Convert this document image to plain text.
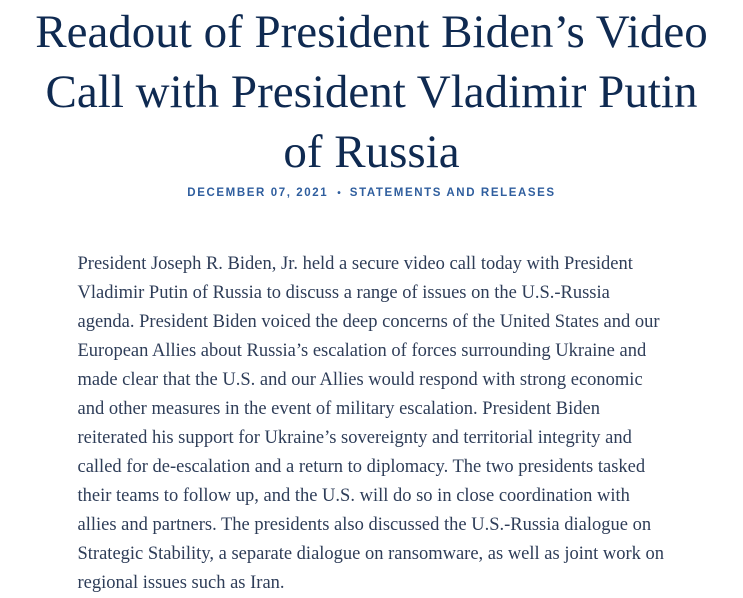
Readout of President Biden’s Video Call with President Vladimir Putin of Russia
DECEMBER 07, 2021 • STATEMENTS AND RELEASES

President Joseph R. Biden, Jr. held a secure video call today with President Vladimir Putin of Russia to discuss a range of issues on the U.S.-Russia agenda. President Biden voiced the deep concerns of the United States and our European Allies about Russia’s escalation of forces surrounding Ukraine and made clear that the U.S. and our Allies would respond with strong economic and other measures in the event of military escalation. President Biden reiterated his support for Ukraine’s sovereignty and territorial integrity and called for de-escalation and a return to diplomacy. The two presidents tasked their teams to follow up, and the U.S. will do so in close coordination with allies and partners. The presidents also discussed the U.S.-Russia dialogue on Strategic Stability, a separate dialogue on ransomware, as well as joint work on regional issues such as Iran.
